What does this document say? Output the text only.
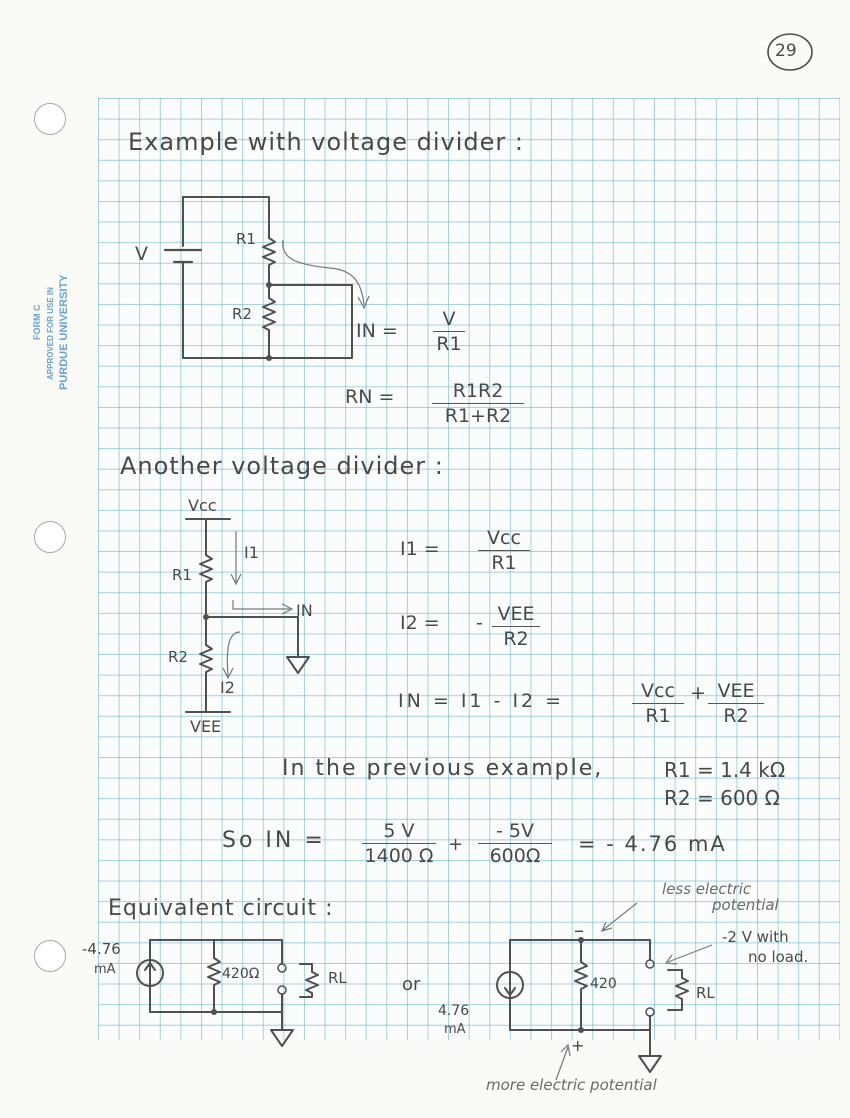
FORM C APPROVED FOR USE IN PURDUE UNIVERSITY
29
Example with voltage divider :
V
R1
R2
IN =
V
R1
RN =	R1R2
R1+R2
Another voltage divider :
Vcc
VEE
R1
R2
I1
I2
IN
I1 = Vcc
R1
I2 = - VEE
R2
IN = I1 - I2 =	Vcc
R1
+ VEE
R2
In the previous example,	R1 = 1.4 kΩ
R2 = 600 Ω
So IN =	5 V
1400 Ω
+
- 5V
600Ω = - 4.76 mA
Equivalent circuit :
-4.76
mA	420Ω	RL	or
4.76
mA
420	RL
–
+
less electric
potential
-2 V with
no load.
more electric potential
